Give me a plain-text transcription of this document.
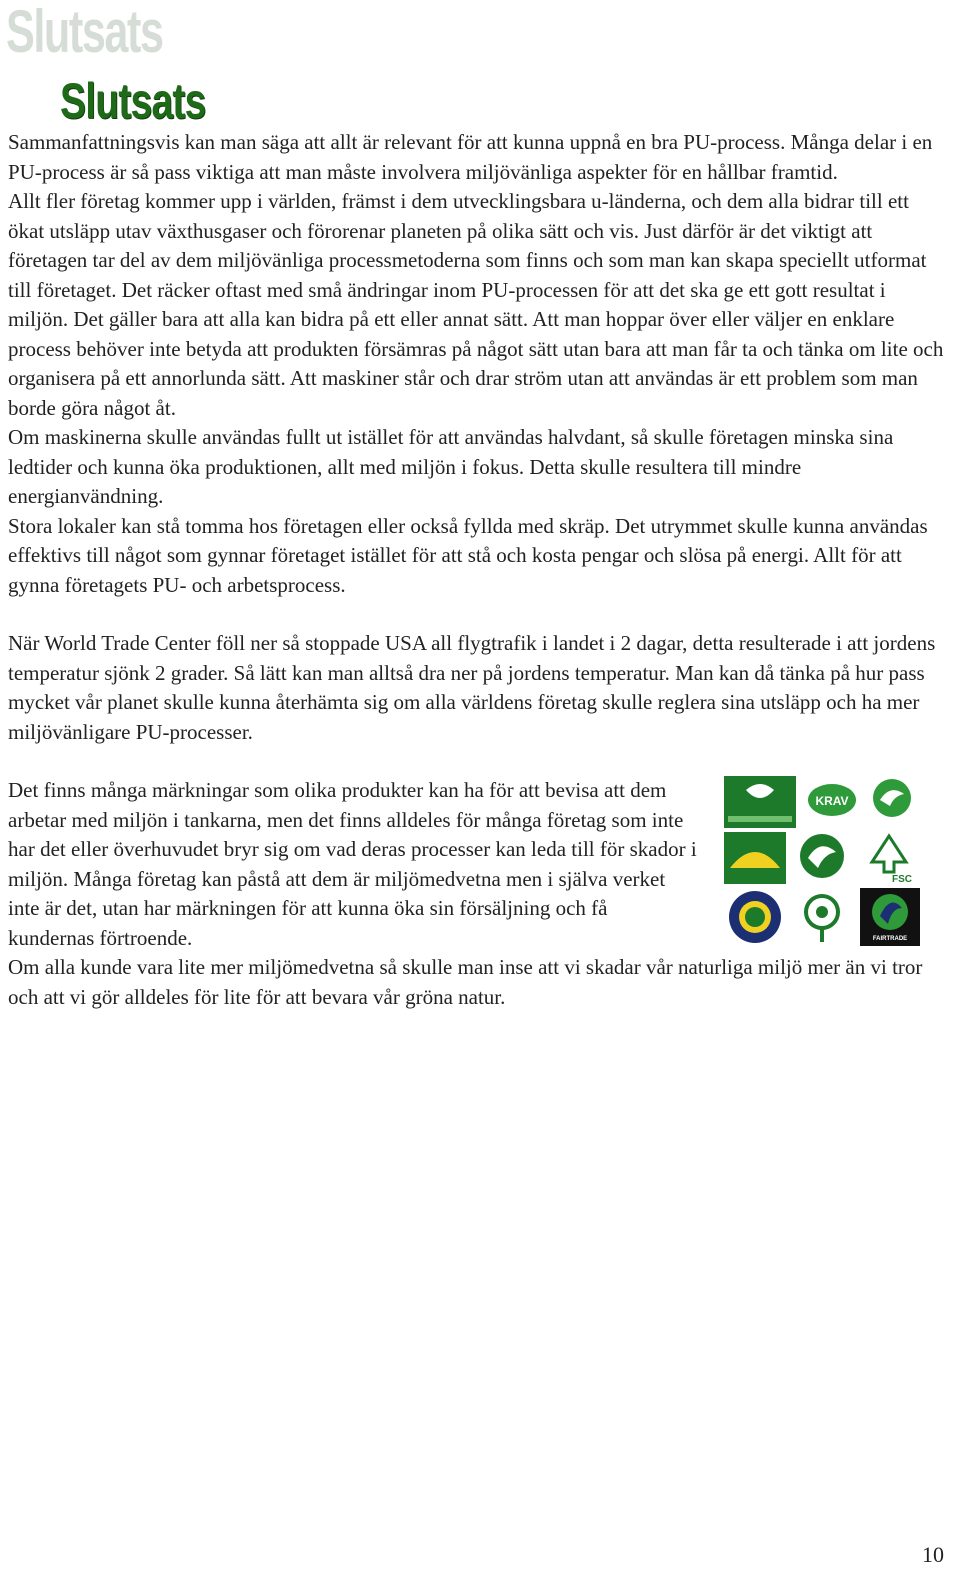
Slutsats
Slutsats

Sammanfattningsvis kan man säga att allt är relevant för att kunna uppnå en bra PU-process. Många delar i en PU-process är så pass viktiga att man måste involvera miljövänliga aspekter för en hållbar framtid.

Allt fler företag kommer upp i världen, främst i dem utvecklingsbara u-länderna, och dem alla bidrar till ett ökat utsläpp utav växthusgaser och förorenar planeten på olika sätt och vis. Just därför är det viktigt att företagen tar del av dem miljövänliga processmetoderna som finns och som man kan skapa speciellt utformat till företaget. Det räcker oftast med små ändringar inom PU-processen för att det ska ge ett gott resultat i miljön. Det gäller bara att alla kan bidra på ett eller annat sätt. Att man hoppar över eller väljer en enklare process behöver inte betyda att produkten försämras på något sätt utan bara att man får ta och tänka om lite och organisera på ett annorlunda sätt. Att maskiner står och drar ström utan att användas är ett problem som man borde göra något åt.

Om maskinerna skulle användas fullt ut istället för att användas halvdant, så skulle företagen minska sina ledtider och kunna öka produktionen, allt med miljön i fokus. Detta skulle resultera till mindre energianvändning.

Stora lokaler kan stå tomma hos företagen eller också fyllda med skräp. Det utrymmet skulle kunna användas effektivs till något som gynnar företaget istället för att stå och kosta pengar och slösa på energi. Allt för att gynna företagets PU- och arbetsprocess.

När World Trade Center föll ner så stoppade USA all flygtrafik i landet i 2 dagar, detta resulterade i att jordens temperatur sjönk 2 grader. Så lätt kan man alltså dra ner på jordens temperatur. Man kan då tänka på hur pass mycket vår planet skulle kunna återhämta sig om alla världens företag skulle reglera sina utsläpp och ha mer miljövänligare PU-processer.

Det finns många märkningar som olika produkter kan ha för att bevisa att dem arbetar med miljön i tankarna, men det finns alldeles för många företag som inte har det eller överhuvudet bryr sig om vad deras processer kan leda till för skador i miljön. Många företag kan påstå att dem är miljömedvetna men i själva verket inte är det, utan har märkningen för att kunna öka sin försäljning och få kundernas förtroende.

KRAV
FSC
FAIRTRADE

Om alla kunde vara lite mer miljömedvetna så skulle man inse att vi skadar vår naturliga miljö mer än vi tror och att vi gör alldeles för lite för att bevara vår gröna natur.

10
